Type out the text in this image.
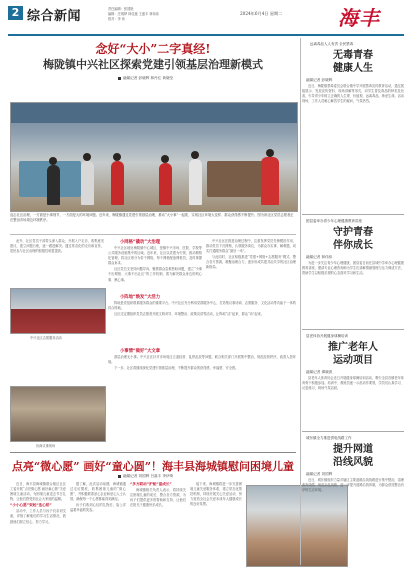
2 综合新闻	责任编辑：张国艳
编辑：庄炳烨 林佳旋 王盛丰 林伟伟
校对：李 伟
2024年6月4日 星期二	海丰
念好“大小”二字真经!
梅陇镇中兴社区探索党建引领基层治理新模式
融媒记者 彭晓辉 林丹红 黄晓莹
直击社区治理，一方面是小事细节，一方面是大的环境问题。近年来，梅陇镇通过党建引领基层治理，推动“大小事”一起抓，实现社区环境大变样、群众获得感不断提升。图为该社区党员志愿者正在整治市场周边环境秩序。
小网格“撬动”大治理

中兴社区地处梅陇镇中心城区，是镇中兴市场、医院、学校等公共服务设施集中的区域。近年来，社区以党建为引领，推动网格化管理，将社区划分为若干网格，每个网格配备网格员，及时掌握群众诉求。

社区党总支坚持问题导向，聚焦群众急难愁盼问题，建立“小事不出网格、大事不出社区”的工作机制，着力解决群众身边的烦心事、揪心事。

中兴社区在推进治理过程中，注重发挥党员先锋模范作用，推动党员下沉网格，认领服务岗位，为群众办实事、解难题，切实打通服务群众“最后一米”。

与此同时，社区积极推进“党建+网格+志愿服务”模式，整合各方资源，凝聚治理合力，逐步形成共建共治共享的社区治理新格局。

此外，社区党员干部带头深入群众，开展入户走访，收集意见建议，建立问题台账，逐一跟进解决。通过常态化的走访和宣传，居民参与社区治理的积极性明显提高。

中兴社区志愿服务活动
小阵地“焕发”大活力

阵地是党组织联系服务群众的重要平台。中兴社区充分利用党群服务中心，打造集议事协商、志愿服务、文化活动等功能于一体的综合阵地。

社区还定期组织党员志愿者开展文明劝导、环境整治、政策宣讲等活动，让阵地“活”起来、群众“动”起来。

小事情“做好”大文章

基层治理无小事。中兴社区针对市场周边占道经营、乱停乱放等问题，联合相关部门开展集中整治，规范经营秩序，改善人居环境。

下一步，社区将继续深化党建引领基层治理，不断提升群众的获得感、幸福感、安全感。

协商议事现场
点亮“微心愿” 画好“童心圆”！海丰县海城镇慰问困境儿童
融媒记者 刘国辉 吕嘉丰 李伊琦

近日，海丰县海城镇联合辖区社区工委开展“点亮微心愿 画好童心圆”关爱困境儿童活动，为困境儿童送去节日礼物，让他们感受到社会大家庭的温暖。

“小小心愿”架起“连心桥”

活动中，工作人员与孩子们亲切交流，详细了解他们的学习生活情况，鼓励他们树立信心、努力学习。

据了解，此次活动前期，海城镇通过走访摸底，收集困境儿童的“微心愿”，并积极联系爱心企业和爱心人士认领，确保每一个心愿都能得到满足。

孩子们收到心仪的礼物后，脸上洋溢着幸福的笑容。

“多方联动”护航“童成长”

海城镇相关负责人表示，将持续关注困境儿童的成长，整合各方资源，为孩子们提供更多的帮助和支持，让他们在阳光下健康快乐成长。

接下来，海城镇将进一步完善困境儿童关爱服务体系，建立常态化帮扶机制，持续开展关心关爱活动，努力营造全社会关爱未成年人健康成长的良好氛围。

远离毒品人人有责 全民禁毒
无毒青春
健康人生
融媒记者 彭晓辉

近日，梅陇镇禁毒委员会联合镇中学开展禁毒宣传教育活动，通过展板展示、发放宣传资料、现场讲解等形式，向学生普及毒品的种类及危害，引导青少年树立正确的人生观、价值观，远离毒品，珍爱生命。活动现场，工作人员耐心解答学生的疑问，气氛热烈。

团县委举办青少年心理健康教育讲座
守护青春
伴你成长
融媒记者 林伟伟

为进一步关注青少年心理健康，团县委日前在县城中学举办心理健康教育讲座，邀请专业心理咨询师为学生们讲解情绪管理与压力调适方法，帮助学生以积极乐观的心态面对学习和生活。

县老体协开展健身球操培训
推广老年人
运动项目
融媒记者 谭晓波

县老年人体育协会近日开展健身球操培训活动，吸引全县各镇老年体育骨干积极参加。培训中，教练员逐一示范动作要领，学员们认真学习、反复练习，现场气氛活跃。

城东镇全力推进供电线路工作
提升网道
沿线风貌
融媒记者 刘国辉

近日，城东镇组织力量对辖区主要道路沿线线路进行集中整治，清理废弃线缆、规范杂乱线路，进一步提升道路沿线风貌，为群众营造整洁有序的生活环境。
